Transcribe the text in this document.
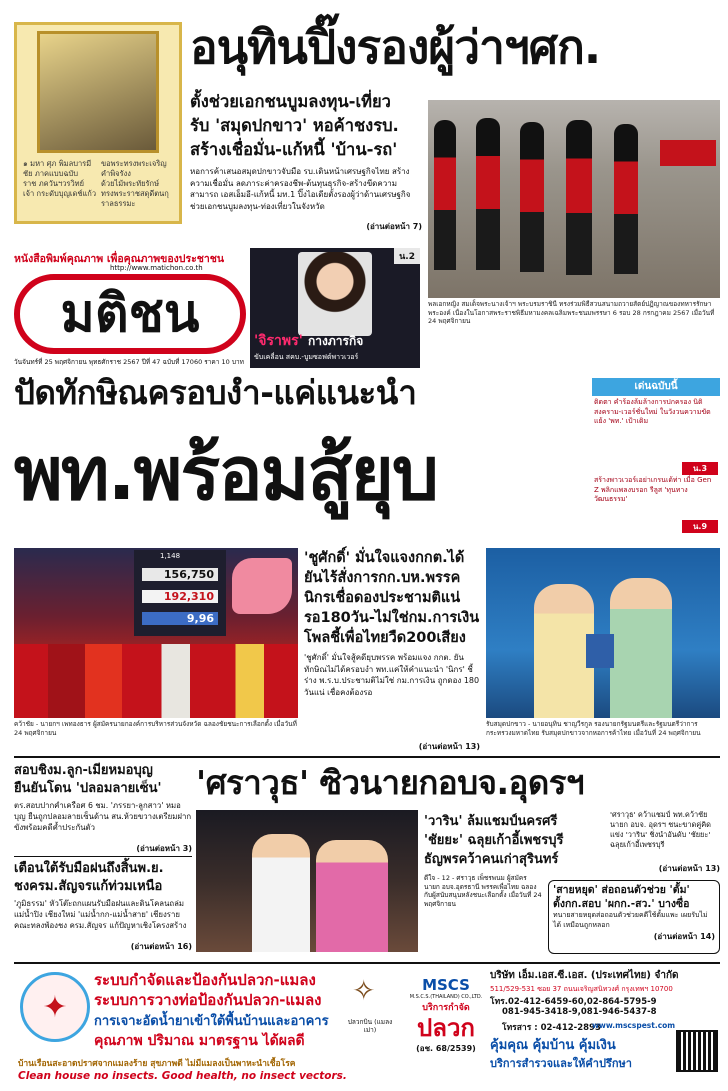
๑ มหา ศุภ พิมลบารมี	ขอพระทรงพระเจริญ
ชัย ภาคแบบฉบับ	คำพิจรังง
ราช ภควันฯวรวิทย์	ด้วยไม้พระทัยรักษ์
เจ้า กระดับบุญเดช์แก้ว ทรงพระราชสดุดีตนกุราลธรรมะ
อนุทินปิ๊งรองผู้ว่าฯศก.
ตั้งช่วยเอกชนบูมลงทุน-เที่ยว
รับ 'สมุดปกขาว' หอค้าชงรบ.
สร้างเชื่อมั่น-แก้หนี้ 'บ้าน-รถ'
หอการค้าเสนอสมุดปกขาวจับมือ รบ.เดินหน้าเศรษฐกิจไทย สร้างความเชื่อมั่น ลดภาระค่าครองชีพ-ต้นทุนธุรกิจ-สร้างขีดความสามารถ เอสเอ็มอี-แก้หนี้ มท.1 ปิ๊งไอเดียตั้งรองผู้ว่าด้านเศรษฐกิจช่วยเอกชนบูมลงทุน-ท่องเที่ยวในจังหวัด
(อ่านต่อหน้า 7)
พลเอกหญิง สมเด็จพระนางเจ้าฯ พระบรมราชินี ทรงร่วมพิธีสวนสนามถวายสัตย์ปฏิญาณของทหารรักษาพระองค์ เนื่องในโอกาสพระราชพิธีมหามงคลเฉลิมพระชนมพรรษา 6 รอบ 28 กรกฎาคม 2567 เมื่อวันที่ 24 พฤศจิกายน
หนังสือพิมพ์คุณภาพ เพื่อคุณภาพของประชาชน
http://www.matichon.co.th
มติชน
วันจันทร์ที่ 25 พฤศจิกายน พุทธศักราช 2567 ปีที่ 47 ฉบับที่ 17060 ราคา 10 บาท
น.2
'จิราพร' กางภารกิจ
ขับเคลื่อน สคบ.-บูมซอฟต์พาวเวอร์
ปัดทักษิณครอบงำ-แค่แนะนำ
พท.พร้อมสู้ยุบ
เด่นฉบับนี้
ติดตา คำร้องล้มล้างการปกครอง นิติสงคราม-เวอร์ชั่นใหม่ ในวังวนความขัดแย้ง 'พท.' เป้าเดิม
น.3
สร้างพาวเวอร์เอย่าเกรนเด้ท่า เมื่อ Gen Z พลิกแพลงบรอก รีลูส 'ทุนทางวัฒนธรรม'
น.9
1,148
156,750
192,310
9,96
คว้าชัย - นายกฯ เพทองธาร ผู้สมัครนายกองค์การบริหารส่วนจังหวัด ฉลองชัยชนะการเลือกตั้ง เมื่อวันที่ 24 พฤศจิกายน
'ชูศักดิ์' มั่นใจแจงกกต.ได้
ยันไร้สั่งการกก.บห.พรรค
นิกรเชื่อดองประชามติแน่
รอ180วัน-ไม่ใช่กม.การเงิน
โพลชี้เพื่อไทยวืด200เสียง
'ชูศักดิ์' มั่นใจสู้คดียุบพรรค พร้อมแจง กกต. ยันทักษิณไม่ได้ครอบงำ พท.แค่ให้คำแนะนำ 'นิกร' ชี้ร่าง พ.ร.บ.ประชามติไม่ใช่ กม.การเงิน ถูกดอง 180 วันแน่ เชื่อคงต้องรอ
(อ่านต่อหน้า 13)
รับสมุดปกขาว - นายอนุทิน ชาญวีรกูล รองนายกรัฐมนตรีและรัฐมนตรีว่าการกระทรวงมหาดไทย รับสมุดปกขาวจากหอการค้าไทย เมื่อวันที่ 24 พฤศจิกายน
สอบชิงม.ลูก-เมียหมอบุญ
ยืนยันโดน 'ปลอมลายเซ็น'
ตร.สอบปากคำเครือศ 6 ชม. 'ภรรยา-ลูกสาว' หมอบุญ ยืนถูกปลอมลายเซ็นด้าน สน.ห้วยขวางเตรียมฝากขังพร้อมคดีค้ำประกันตัว
(อ่านต่อหน้า 3)
เตือนใต้รับมือฝนถึงสิ้นพ.ย.
ชงครม.สัญจรแก้ท่วมเหนือ
'ภูมิธรรม' หัวโต๊ะถกแผนรับมือฝนและดินโคลนถล่ม แม่น้ำปิง เชียงใหม่ 'แม่น้ำกก-แม่น้ำสาย' เชียงราย คณะทลงพ้องชง ครม.สัญจร แก้ปัญหาเชิงโครงสร้าง
(อ่านต่อหน้า 16)
'ศราวุธ' ซิวนายกอบจ.อุดรฯ
'วาริน' ล้มแชมป์นครศรี
'ชัยยะ' ฉลุยเก้าอี้เพชรบุรี
ธัญพรคว้าคนเก่าสุรินทร์
'ศราวุธ' คว้าแชมป์ พท.คว้าชัยนายก อบจ. อุดรฯ ชนะขาดคู่คิดแข่ง 'วาริน' ชิ่งนำอันดับ 'ชัยยะ' ฉลุยเก้าอี้เพชรบุรี
(อ่านต่อหน้า 13)
ดีใจ - 12 - ศราวุธ เพ็ชรพนม ผู้สมัครนายก อบจ.อุดรธานี พรรคเพื่อไทย ฉลองกับผู้สนับสนุนหลังชนะเลือกตั้ง เมื่อวันที่ 24 พฤศจิกายน
'สายหยุด' ส่อถอนตัวช่วย 'ตั้ม'
ตั้งกก.สอบ 'ผกก.-สว.' บางซื่อ
ทนายสายหยุดส่อถอนตัวช่วยคดีใช้ตั้มแพะ เผยรับไม่ได้ เหมือนถูกหลอก
(อ่านต่อหน้า 14)
✦
ระบบกำจัดและป้องกันปลวก-แมลง
ระบบการวางท่อป้องกันปลวก-แมลง
การเจาะอัดน้ำยาเข้าใต้พื้นบ้านและอาคาร
คุณภาพ ปริมาณ มาตรฐาน ได้ผลดี
บ้านเรือนสะอาดปราศจากแมลงร้าย สุขภาพดี ไม่มีแมลงเป็นพาหะนำเชื้อโรค
Clean house no insects. Good health, no insect vectors.
✧
ปลวกบิน (แมลงเม่า)
MSCS
M.S.C.S.(THAILAND) CO.,LTD.
บริการกำจัด
ปลวก
(อช. 68/2539)
บริษัท เอ็ม.เอส.ซี.เอส. (ประเทศไทย) จำกัด
511/529-531 ซอย 37 ถนนเจริญสนิทวงศ์ กรุงเทพฯ 10700
โทร.02-412-6459-60,02-864-5795-9
081-945-3418-9,081-946-5437-8
โทรสาร : 02-412-2893
www.mscspest.com
คุ้มคุณ คุ้มบ้าน คุ้มเงิน
บริการสำรวจและให้คำปรึกษา
